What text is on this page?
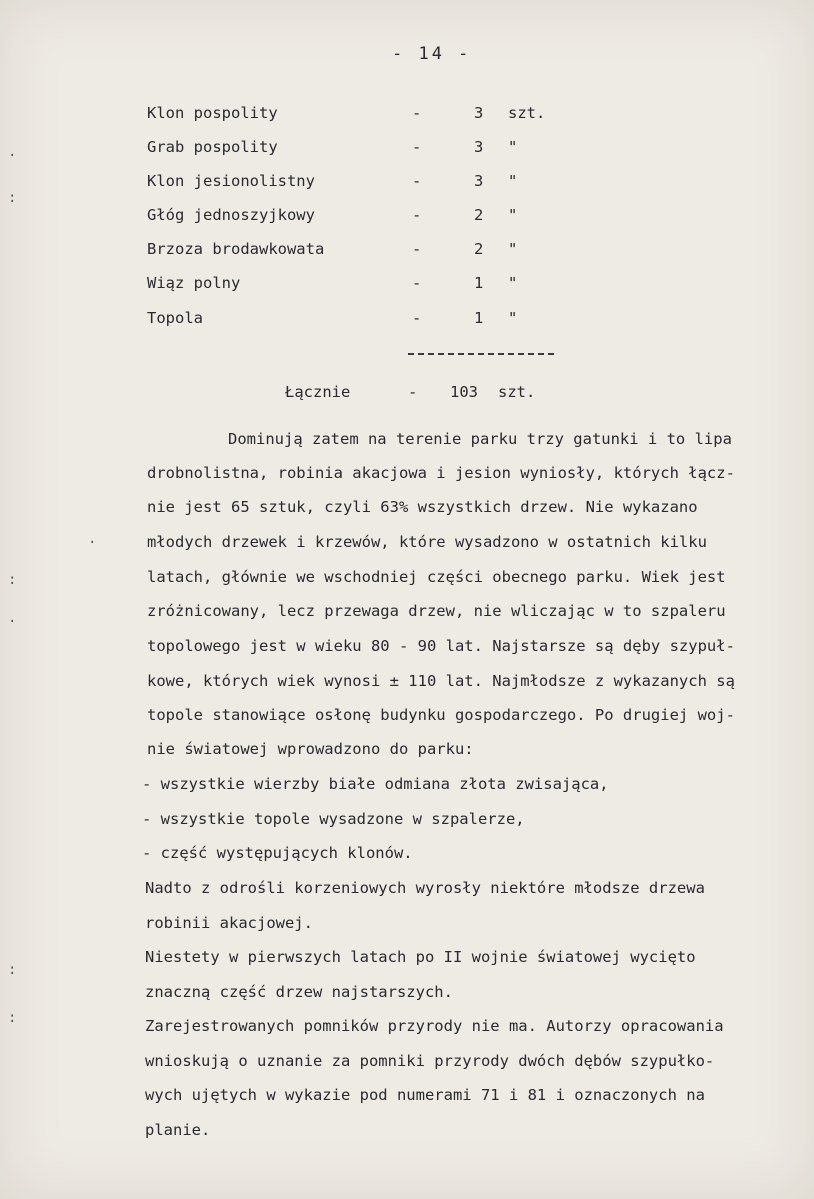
- 14 -
Klon pospolity	-	3 szt.
Grab pospolity	-	3 "
Klon jesionolistny	-	3 "
Głóg jednoszyjkowy	-	2 "
Brzoza brodawkowata	-	2 "
Wiąz polny	-	1 "
Topola	-	1 "
Łącznie	- 103 szt.
Dominują zatem na terenie parku trzy gatunki i to lipa
drobnolistna, robinia akacjowa i jesion wyniosły, których łącz-
nie jest 65 sztuk, czyli 63% wszystkich drzew. Nie wykazano
młodych drzewek i krzewów, które wysadzono w ostatnich kilku
latach, głównie we wschodniej części obecnego parku. Wiek jest
zróżnicowany, lecz przewaga drzew, nie wliczając w to szpaleru
topolowego jest w wieku 80 - 90 lat. Najstarsze są dęby szypuł-
kowe, których wiek wynosi ± 110 lat. Najmłodsze z wykazanych są
topole stanowiące osłonę budynku gospodarczego. Po drugiej woj-
nie światowej wprowadzono do parku:
- wszystkie wierzby białe odmiana złota zwisająca,
- wszystkie topole wysadzone w szpalerze,
- część występujących klonów.
Nadto z odrośli korzeniowych wyrosły niektóre młodsze drzewa
robinii akacjowej.
Niestety w pierwszych latach po II wojnie światowej wycięto
znaczną część drzew najstarszych.
Zarejestrowanych pomników przyrody nie ma. Autorzy opracowania
wnioskują o uznanie za pomniki przyrody dwóch dębów szypułko-
wych ujętych w wykazie pod numerami 71 i 81 i oznaczonych na
planie.
·
:
·
:
·
:
:
